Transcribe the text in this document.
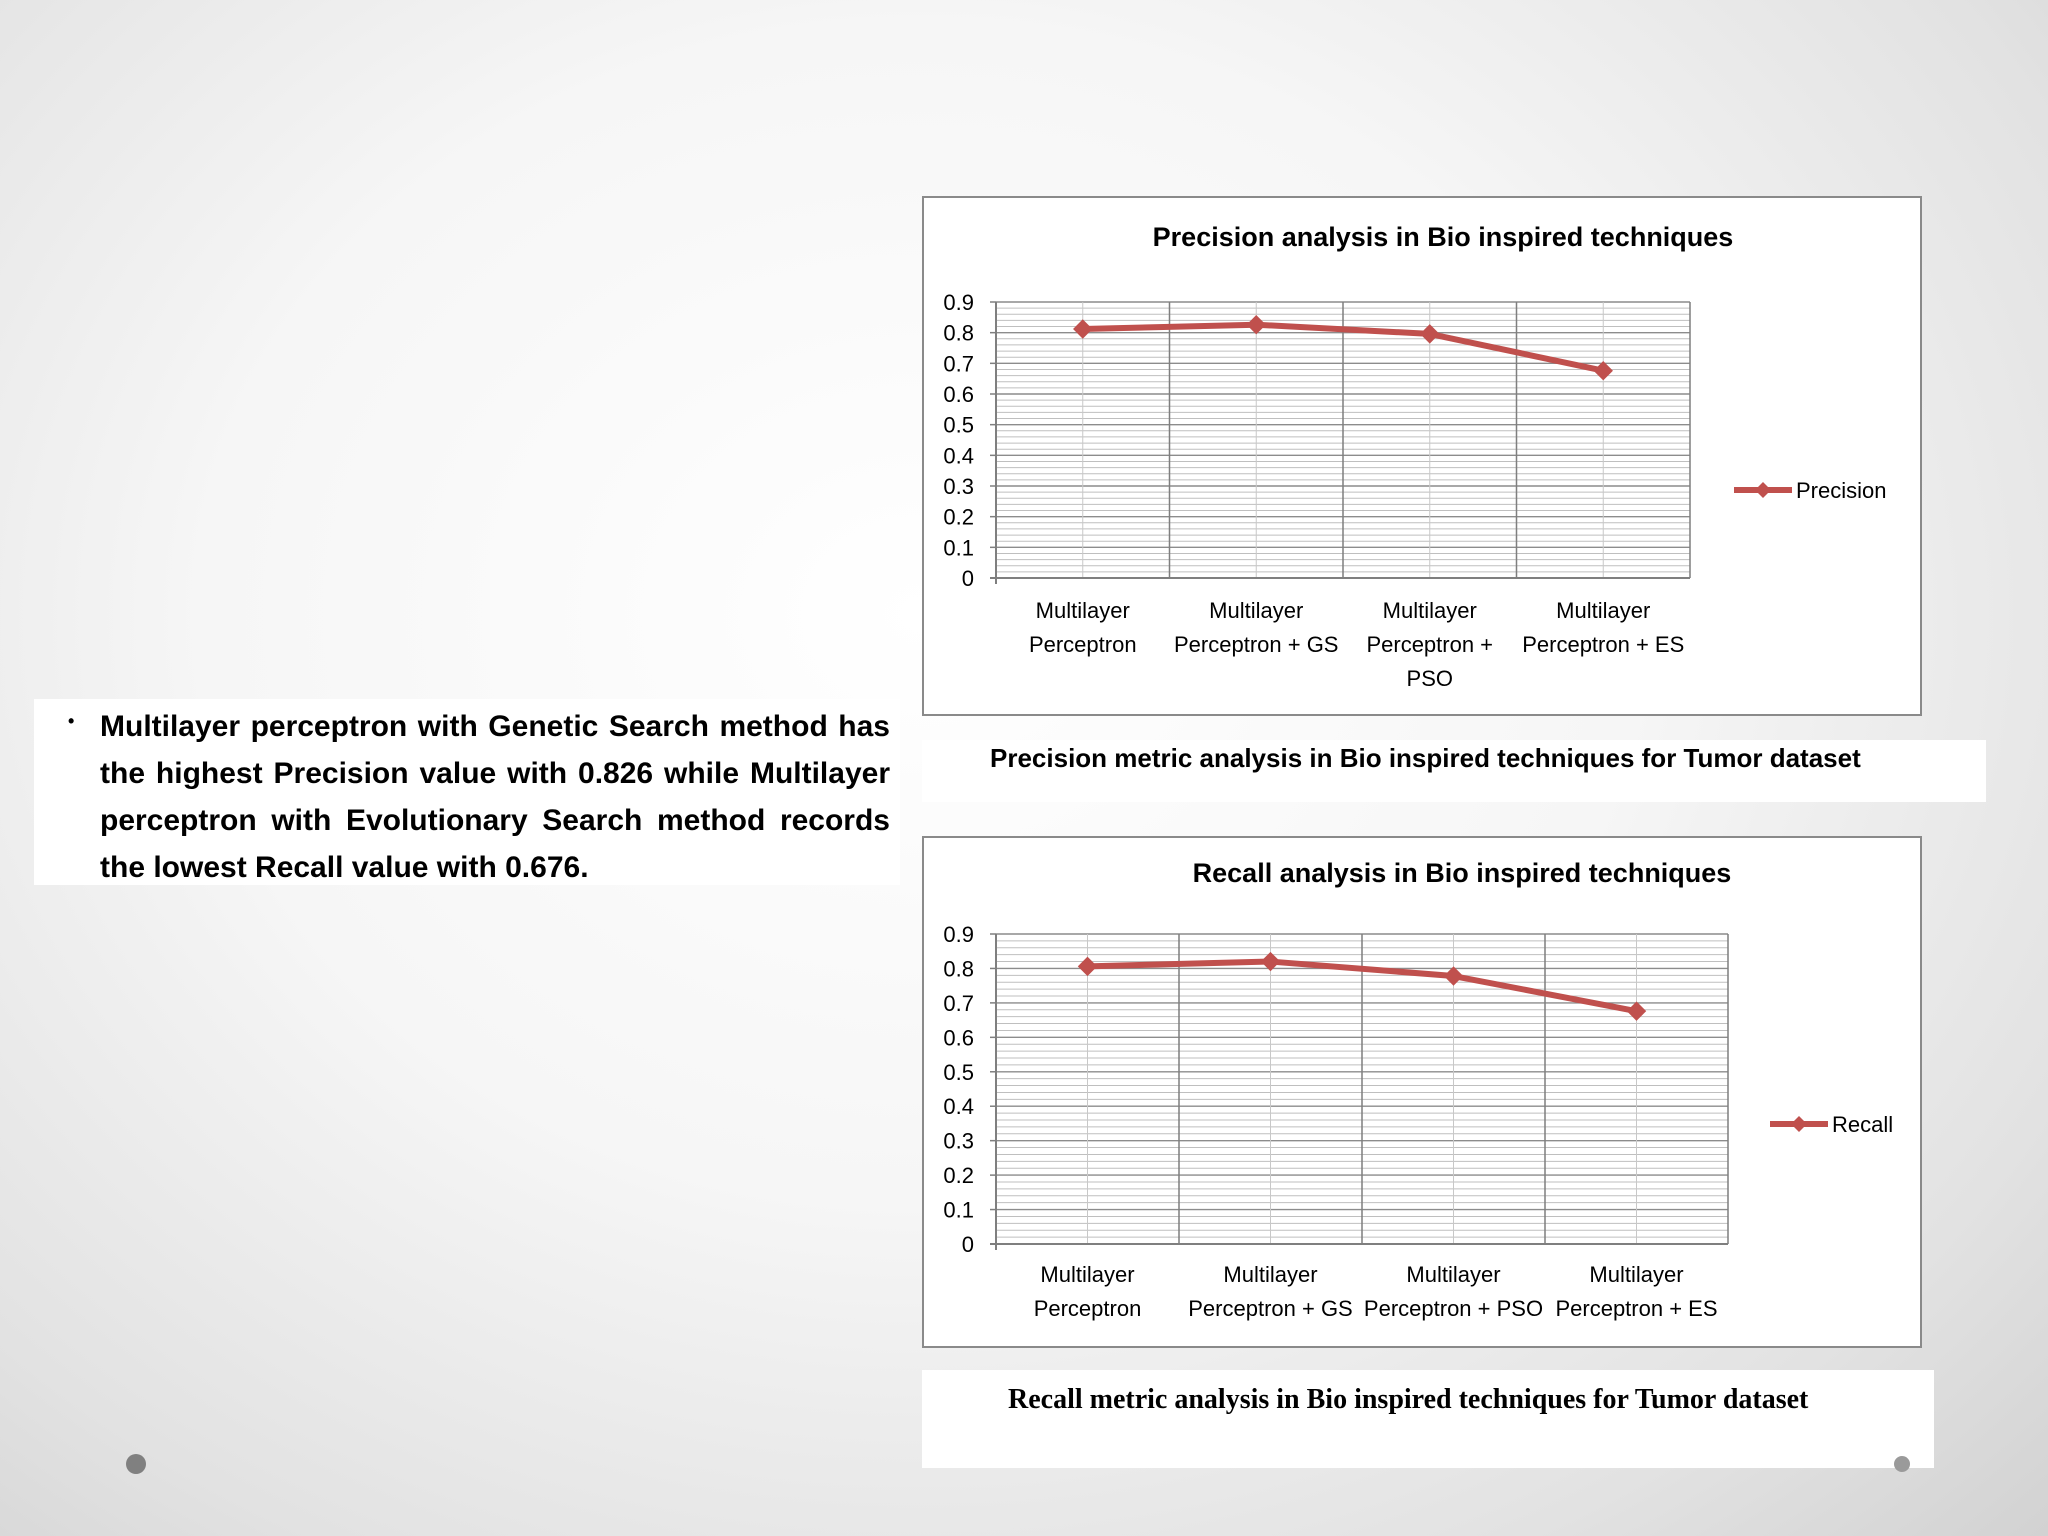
• Multilayer perceptron with Genetic Search method has the highest Precision value with 0.826 while Multilayer perceptron with Evolutionary Search method records the lowest Recall value with 0.676.

Precision analysis in Bio inspired techniques
0
0.1
0.2
0.3
0.4
0.5
0.6
0.7
0.8
0.9
Multilayer
Perceptron
Multilayer
Perceptron + GS
Multilayer
Perceptron +
PSO
Multilayer
Perceptron + ES
Precision
Precision metric analysis in Bio inspired techniques for Tumor dataset
Recall analysis in Bio inspired techniques
0
0.1
0.2
0.3
0.4
0.5
0.6
0.7
0.8
0.9
Multilayer
Perceptron
Multilayer
Perceptron + GS
Multilayer
Perceptron + PSO
Multilayer
Perceptron + ES
Recall
Recall metric analysis in Bio inspired techniques for Tumor dataset
